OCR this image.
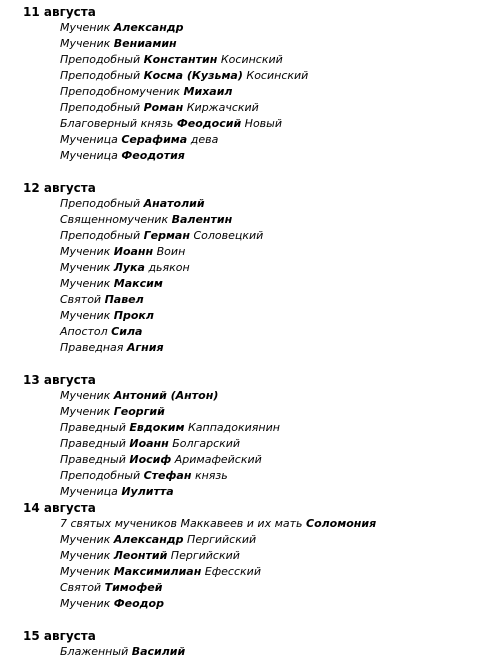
11 августа
Мученик Александр
Мученик Вениамин
Преподобный Константин Косинский
Преподобный Косма (Кузьма) Косинский
Преподобномученик Михаил
Преподобный Роман Киржачский
Благоверный князь Феодосий Новый
Мученица Серафима дева
Мученица Феодотия
12 августа
Преподобный Анатолий
Священномученик Валентин
Преподобный Герман Соловецкий
Мученик Иоанн Воин
Мученик Лука дьякон
Мученик Максим
Святой Павел
Мученик Прокл
Апостол Сила
Праведная Агния
13 августа
Мученик Антоний (Антон)
Мученик Георгий
Праведный Евдоким Каппадокиянин
Праведный Иоанн Болгарский
Праведный Иосиф Аримафейский
Преподобный Стефан князь
Мученица Иулитта
14 августа
7 святых мучеников Маккавеев и их мать Соломония
Мученик Александр Пергийский
Мученик Леонтий Пергийский
Мученик Максимилиан Ефесский
Святой Тимофей
Мученик Феодор
15 августа
Блаженный Василий
